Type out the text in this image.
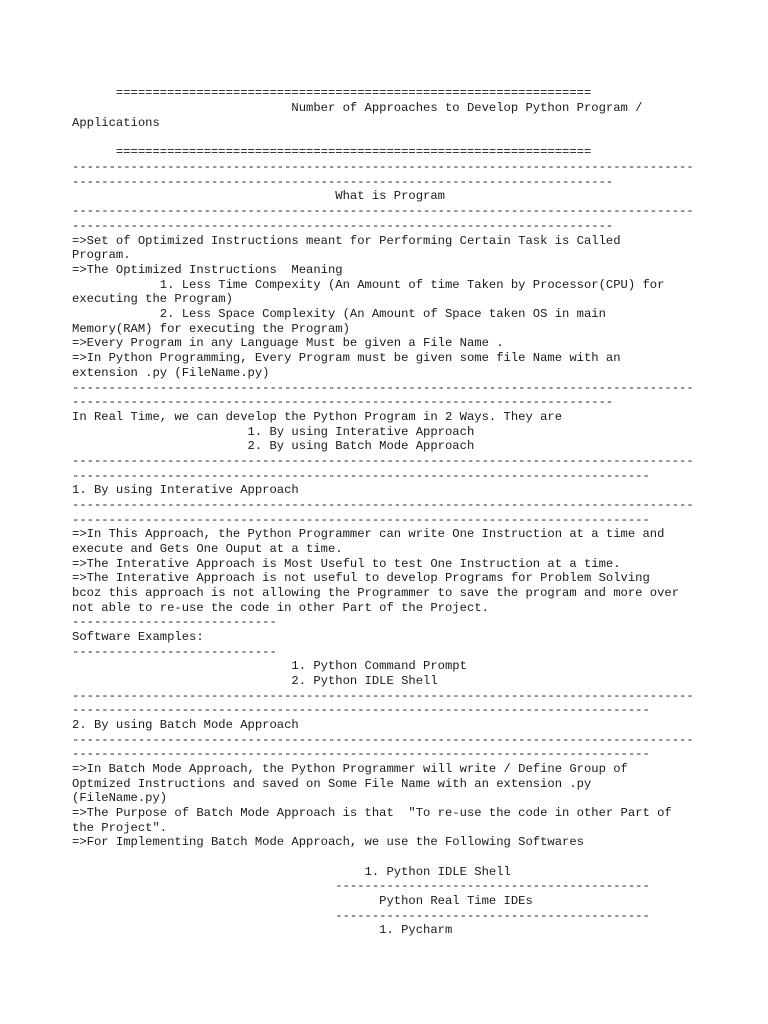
=================================================================
Number of Approaches to Develop Python Program /
Applications
=================================================================
-------------------------------------------------------------------------------------
--------------------------------------------------------------------------
What is Program
-------------------------------------------------------------------------------------
--------------------------------------------------------------------------
=>Set of Optimized Instructions meant for Performing Certain Task is Called
Program.
=>The Optimized Instructions  Meaning
1. Less Time Compexity (An Amount of time Taken by Processor(CPU) for
executing the Program)
2. Less Space Complexity (An Amount of Space taken OS in main
Memory(RAM) for executing the Program)
=>Every Program in any Language Must be given a File Name .
=>In Python Programming, Every Program must be given some file Name with an
extension .py (FileName.py)
-------------------------------------------------------------------------------------
--------------------------------------------------------------------------
In Real Time, we can develop the Python Program in 2 Ways. They are
1. By using Interative Approach
2. By using Batch Mode Approach
-------------------------------------------------------------------------------------
-------------------------------------------------------------------------------
1. By using Interative Approach
-------------------------------------------------------------------------------------
-------------------------------------------------------------------------------
=>In This Approach, the Python Programmer can write One Instruction at a time and
execute and Gets One Ouput at a time.
=>The Interative Approach is Most Useful to test One Instruction at a time.
=>The Interative Approach is not useful to develop Programs for Problem Solving
bcoz this approach is not allowing the Programmer to save the program and more over
not able to re-use the code in other Part of the Project.
----------------------------
Software Examples:
----------------------------
1. Python Command Prompt
2. Python IDLE Shell
-------------------------------------------------------------------------------------
-------------------------------------------------------------------------------
2. By using Batch Mode Approach
-------------------------------------------------------------------------------------
-------------------------------------------------------------------------------
=>In Batch Mode Approach, the Python Programmer will write / Define Group of
Optmized Instructions and saved on Some File Name with an extension .py
(FileName.py)
=>The Purpose of Batch Mode Approach is that  "To re-use the code in other Part of
the Project".
=>For Implementing Batch Mode Approach, we use the Following Softwares
1. Python IDLE Shell
-------------------------------------------
Python Real Time IDEs
-------------------------------------------
1. Pycharm
